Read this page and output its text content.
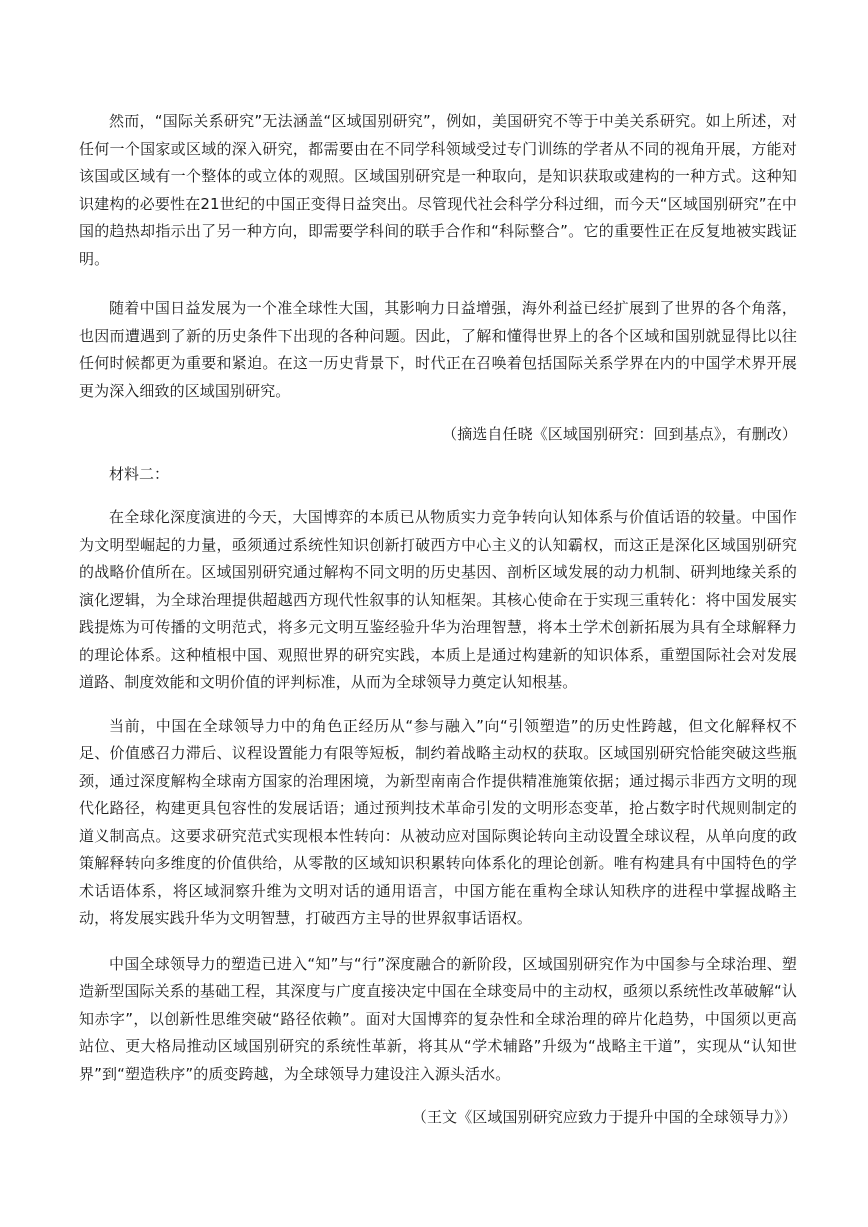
然而，“国际关系研究”无法涵盖“区域国别研究”，例如，美国研究不等于中美关系研究。如上所述，对任何一个国家或区域的深入研究，都需要由在不同学科领域受过专门训练的学者从不同的视角开展，方能对该国或区域有一个整体的或立体的观照。区域国别研究是一种取向，是知识获取或建构的一种方式。这种知识建构的必要性在21世纪的中国正变得日益突出。尽管现代社会科学分科过细，而今天“区域国别研究”在中国的趋热却指示出了另一种方向，即需要学科间的联手合作和“科际整合”。它的重要性正在反复地被实践证明。

随着中国日益发展为一个准全球性大国，其影响力日益增强，海外利益已经扩展到了世界的各个角落，也因而遭遇到了新的历史条件下出现的各种问题。因此，了解和懂得世界上的各个区域和国别就显得比以往任何时候都更为重要和紧迫。在这一历史背景下，时代正在召唤着包括国际关系学界在内的中国学术界开展更为深入细致的区域国别研究。

（摘选自任晓《区域国别研究：回到基点》，有删改）

材料二：

在全球化深度演进的今天，大国博弈的本质已从物质实力竞争转向认知体系与价值话语的较量。中国作为文明型崛起的力量，亟须通过系统性知识创新打破西方中心主义的认知霸权，而这正是深化区域国别研究的战略价值所在。区域国别研究通过解构不同文明的历史基因、剖析区域发展的动力机制、研判地缘关系的演化逻辑，为全球治理提供超越西方现代性叙事的认知框架。其核心使命在于实现三重转化：将中国发展实践提炼为可传播的文明范式，将多元文明互鉴经验升华为治理智慧，将本土学术创新拓展为具有全球解释力的理论体系。这种植根中国、观照世界的研究实践，本质上是通过构建新的知识体系，重塑国际社会对发展道路、制度效能和文明价值的评判标准，从而为全球领导力奠定认知根基。

当前，中国在全球领导力中的角色正经历从“参与融入”向“引领塑造”的历史性跨越，但文化解释权不足、价值感召力滞后、议程设置能力有限等短板，制约着战略主动权的获取。区域国别研究恰能突破这些瓶颈，通过深度解构全球南方国家的治理困境，为新型南南合作提供精准施策依据；通过揭示非西方文明的现代化路径，构建更具包容性的发展话语；通过预判技术革命引发的文明形态变革，抢占数字时代规则制定的道义制高点。这要求研究范式实现根本性转向：从被动应对国际舆论转向主动设置全球议程，从单向度的政策解释转向多维度的价值供给，从零散的区域知识积累转向体系化的理论创新。唯有构建具有中国特色的学术话语体系，将区域洞察升维为文明对话的通用语言，中国方能在重构全球认知秩序的进程中掌握战略主动，将发展实践升华为文明智慧，打破西方主导的世界叙事话语权。

中国全球领导力的塑造已进入“知”与“行”深度融合的新阶段，区域国别研究作为中国参与全球治理、塑造新型国际关系的基础工程，其深度与广度直接决定中国在全球变局中的主动权，亟须以系统性改革破解“认知赤字”，以创新性思维突破“路径依赖”。面对大国博弈的复杂性和全球治理的碎片化趋势，中国须以更高站位、更大格局推动区域国别研究的系统性革新，将其从“学术辅路”升级为“战略主干道”，实现从“认知世界”到“塑造秩序”的质变跨越，为全球领导力建设注入源头活水。

（王文《区域国别研究应致力于提升中国的全球领导力》）
